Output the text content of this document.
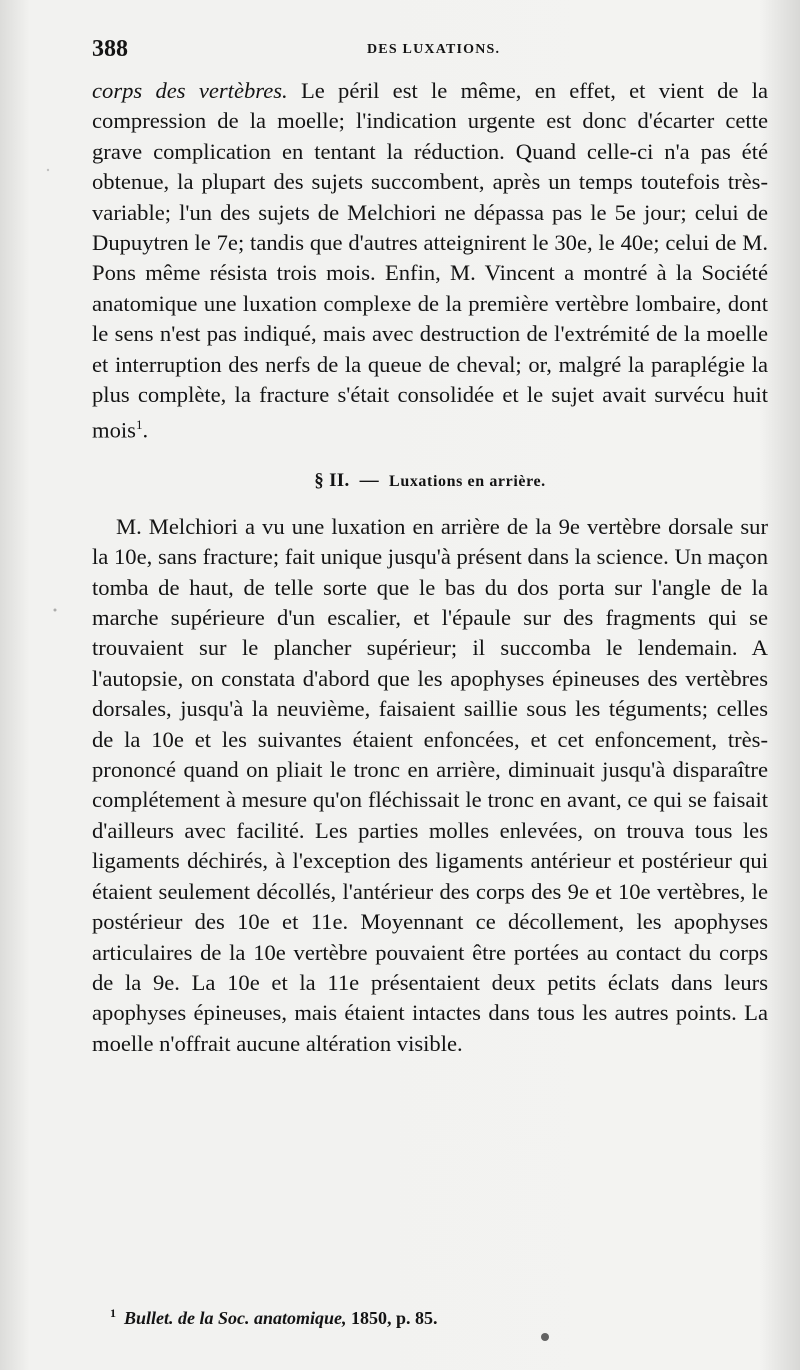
388	DES LUXATIONS.

corps des vertèbres. Le péril est le même, en effet, et vient de la compression de la moelle; l'indication urgente est donc d'écarter cette grave complication en tentant la réduction. Quand celle-ci n'a pas été obtenue, la plupart des sujets succombent, après un temps toutefois très-variable; l'un des sujets de Melchiori ne dépassa pas le 5e jour; celui de Dupuytren le 7e; tandis que d'autres atteignirent le 30e, le 40e; celui de M. Pons même résista trois mois. Enfin, M. Vincent a montré à la Société anatomique une luxation complexe de la première vertèbre lombaire, dont le sens n'est pas indiqué, mais avec destruction de l'extrémité de la moelle et interruption des nerfs de la queue de cheval; or, malgré la paraplégie la plus complète, la fracture s'était consolidée et le sujet avait survécu huit mois$^1$.

§ II. — Luxations en arrière.

M. Melchiori a vu une luxation en arrière de la 9e vertèbre dorsale sur la 10e, sans fracture; fait unique jusqu'à présent dans la science. Un maçon tomba de haut, de telle sorte que le bas du dos porta sur l'angle de la marche supérieure d'un escalier, et l'épaule sur des fragments qui se trouvaient sur le plancher supérieur; il succomba le lendemain. A l'autopsie, on constata d'abord que les apophyses épineuses des vertèbres dorsales, jusqu'à la neuvième, faisaient saillie sous les téguments; celles de la 10e et les suivantes étaient enfoncées, et cet enfoncement, très-prononcé quand on pliait le tronc en arrière, diminuait jusqu'à disparaître complétement à mesure qu'on fléchissait le tronc en avant, ce qui se faisait d'ailleurs avec facilité. Les parties molles enlevées, on trouva tous les ligaments déchirés, à l'exception des ligaments antérieur et postérieur qui étaient seulement décollés, l'antérieur des corps des 9e et 10e vertèbres, le postérieur des 10e et 11e. Moyennant ce décollement, les apophyses articulaires de la 10e vertèbre pouvaient être portées au contact du corps de la 9e. La 10e et la 11e présentaient deux petits éclats dans leurs apophyses épineuses, mais étaient intactes dans tous les autres points. La moelle n'offrait aucune altération visible.

$^1$ Bullet. de la Soc. anatomique, 1850, p. 85.
